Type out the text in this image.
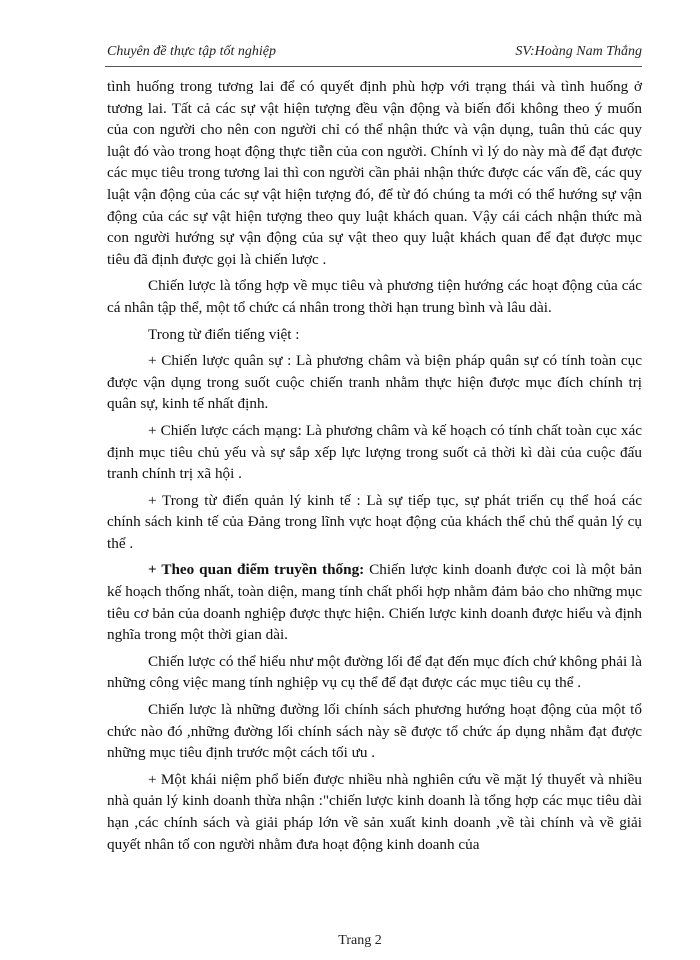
Chuyên đề thực tập tốt nghiệp	SV:Hoàng Nam Thắng

tình huống trong tương lai để có quyết định phù hợp với trạng thái và tình huống ở tương lai. Tất cả các sự vật hiện tượng đều vận động và biến đổi không theo ý muốn của con người cho nên con người chỉ có thể nhận thức và vận dụng, tuân thủ các quy luật đó vào trong hoạt động thực tiễn của con người. Chính vì lý do này mà để đạt được các mục tiêu trong tương lai thì con người cần phải nhận thức được các vấn đề, các quy luật vận động của các sự vật hiện tượng đó, để từ đó chúng ta mới có thể hướng sự vận động của các sự vật hiện tượng theo quy luật khách quan. Vậy cái cách nhận thức mà con người hướng sự vận động của sự vật theo quy luật khách quan để đạt được mục tiêu đã định được gọi là chiến lược .

Chiến lược là tổng hợp về mục tiêu và phương tiện hướng các hoạt động của các cá nhân tập thể, một tổ chức cá nhân trong thời hạn trung bình và lâu dài.

Trong từ điển tiếng việt :

+ Chiến lược quân sự : Là phương châm và biện pháp quân sự có tính toàn cục được vận dụng trong suốt cuộc chiến tranh nhằm thực hiện được mục đích chính trị quân sự, kinh tế nhất định.

+ Chiến lược cách mạng: Là phương châm và kế hoạch có tính chất toàn cục xác định mục tiêu chủ yếu và sự sắp xếp lực lượng trong suốt cả thời kì dài của cuộc đấu tranh chính trị xã hội .

+ Trong từ điển quản lý kinh tế : Là sự tiếp tục, sự phát triển cụ thể hoá các chính sách kinh tế của Đảng trong lĩnh vực hoạt động của khách thể chủ thể quản lý cụ thể .

+ Theo quan điểm truyền thống: Chiến lược kinh doanh được coi là một bản kế hoạch thống nhất, toàn diện, mang tính chất phối hợp nhằm đảm bảo cho những mục tiêu cơ bản của doanh nghiệp được thực hiện. Chiến lược kinh doanh được hiểu và định nghĩa trong một thời gian dài.

Chiến lược có thể hiểu như một đường lối để đạt đến mục đích chứ không phải là những công việc mang tính nghiệp vụ cụ thể để đạt được các mục tiêu cụ thể .

Chiến lược là những đường lối chính sách phương hướng hoạt động của một tổ chức nào đó ,những đường lối chính sách này sẽ được tổ chức áp dụng nhằm đạt được những mục tiêu định trước một cách tối ưu .

+ Một khái niệm phổ biến được nhiều nhà nghiên cứu về mặt lý thuyết và nhiều nhà quản lý kinh doanh thừa nhận :"chiến lược kinh doanh là tổng hợp các mục tiêu dài hạn ,các chính sách và giải pháp lớn về sản xuất kinh doanh ,về tài chính và về giải quyết nhân tố con người nhằm đưa hoạt động kinh doanh của

Trang 2
